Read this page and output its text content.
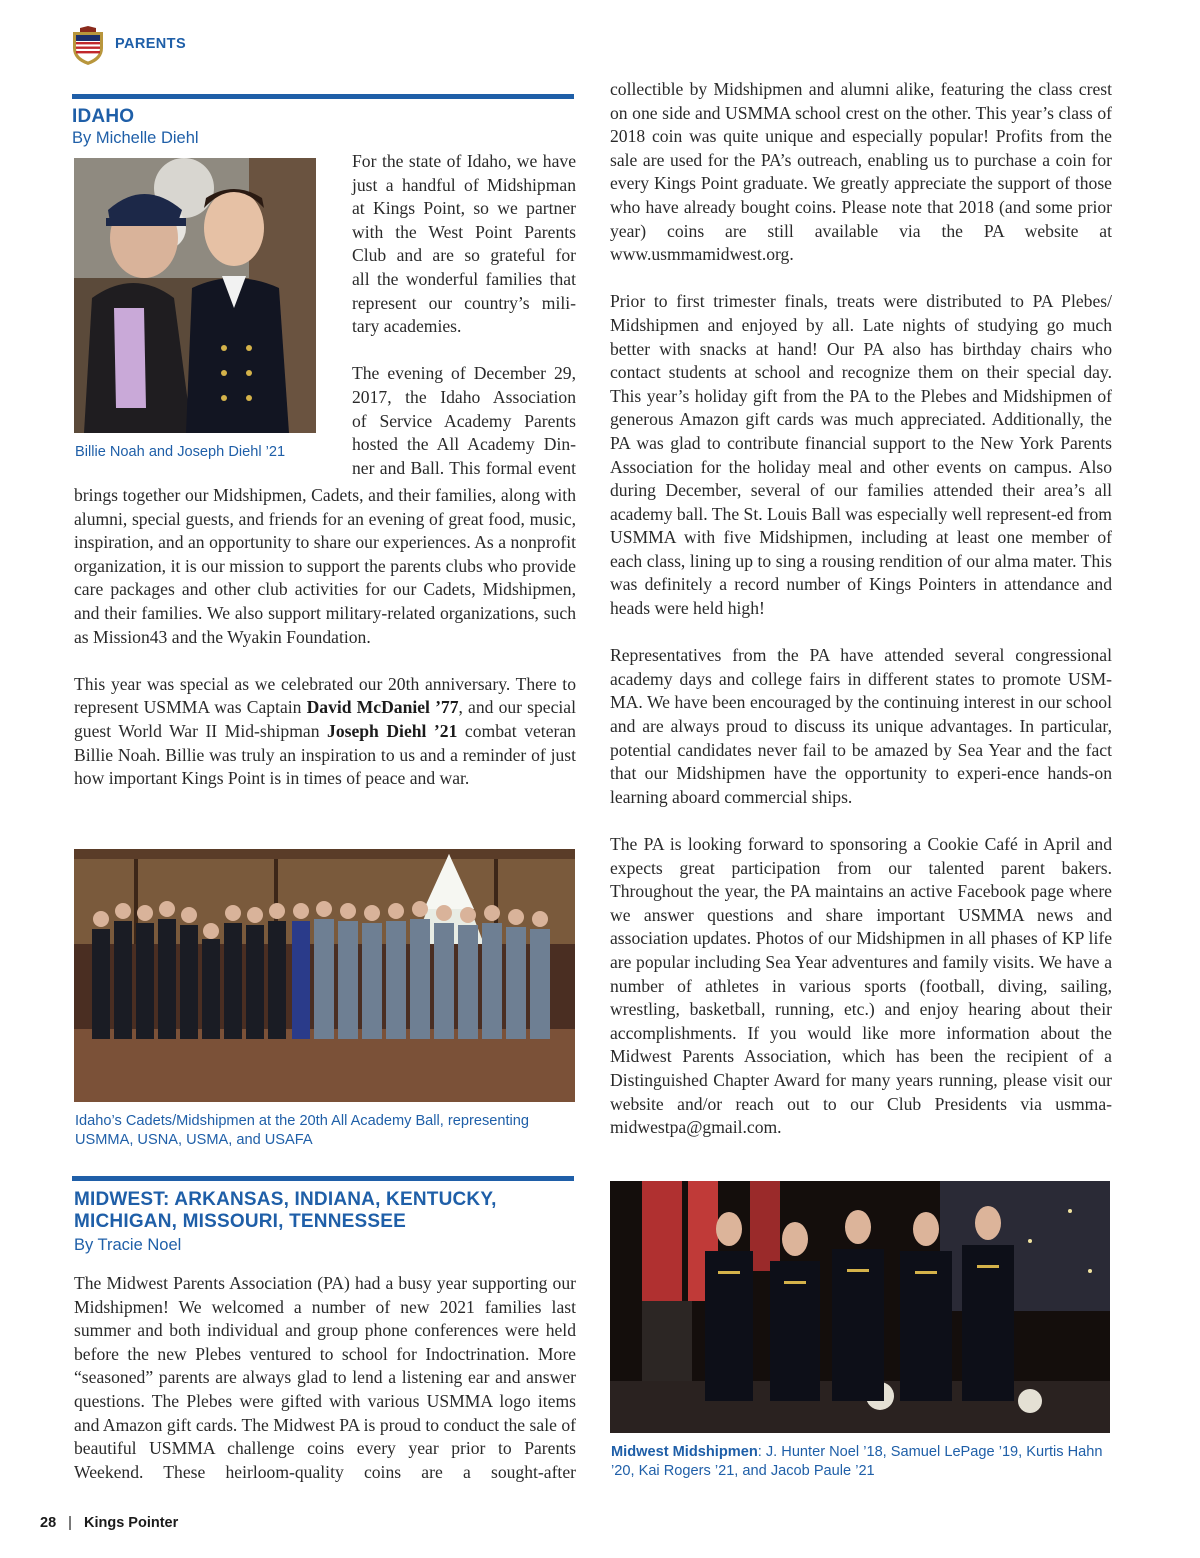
PARENTS
IDAHO
By Michelle Diehl
Billie Noah and Joseph Diehl ’21
For the state of Idaho, we have
just a handful of Midshipman
at Kings Point, so we partner
with the West Point Parents
Club and are so grateful for
all the wonderful families that
represent our country’s mili-
tary academies.
The evening of December 29,
2017, the Idaho Association
of Service Academy Parents
hosted the All Academy Din-
ner and Ball. This formal event

brings together our Midshipmen, Cadets, and their families, along with alumni, special guests, and friends for an evening of great food, music, inspiration, and an opportunity to share our experiences. As a nonprofit organization, it is our mission to support the parents clubs who provide care packages and other club activities for our Cadets, Midshipmen, and their families. We also support military-related organizations, such as Mission43 and the Wyakin Foundation.

This year was special as we celebrated our 20th anniversary. There to represent USMMA was Captain David McDaniel ’77, and our special guest World War II Mid-shipman Joseph Diehl ’21 combat veteran Billie Noah. Billie was truly an inspiration to us and a reminder of just how important Kings Point is in times of peace and war.

Idaho’s Cadets/Midshipmen at the 20th All Academy Ball, representing USMMA, USNA, USMA, and USAFA
MIDWEST: ARKANSAS, INDIANA, KENTUCKY,
MICHIGAN, MISSOURI, TENNESSEE
By Tracie Noel

The Midwest Parents Association (PA) had a busy year supporting our Midshipmen! We welcomed a number of new 2021 families last summer and both individual and group phone conferences were held before the new Plebes ventured to school for Indoctrination. More “seasoned” parents are always glad to lend a listening ear and answer questions. The Plebes were gifted with various USMMA logo items and Amazon gift cards. The Midwest PA is proud to conduct the sale of beautiful USMMA challenge coins every year prior to Parents Weekend. These heirloom-quality coins are a sought-after

collectible by Midshipmen and alumni alike, featuring the class crest on one side and USMMA school crest on the other. This year’s class of 2018 coin was quite unique and especially popular! Profits from the sale are used for the PA’s outreach, enabling us to purchase a coin for every Kings Point graduate. We greatly appreciate the support of those who have already bought coins. Please note that 2018 (and some prior year) coins are still available via the PA website at www.usmmamidwest.org.

Prior to first trimester finals, treats were distributed to PA Plebes/ Midshipmen and enjoyed by all. Late nights of studying go much better with snacks at hand! Our PA also has birthday chairs who contact students at school and recognize them on their special day. This year’s holiday gift from the PA to the Plebes and Midshipmen of generous Amazon gift cards was much appreciated. Additionally, the PA was glad to contribute financial support to the New York Parents Association for the holiday meal and other events on campus. Also during December, several of our families attended their area’s all academy ball. The St. Louis Ball was especially well represent-ed from USMMA with five Midshipmen, including at least one member of each class, lining up to sing a rousing rendition of our alma mater. This was definitely a record number of Kings Pointers in attendance and heads were held high!

Representatives from the PA have attended several congressional academy days and college fairs in different states to promote USM-MA. We have been encouraged by the continuing interest in our school and are always proud to discuss its unique advantages. In particular, potential candidates never fail to be amazed by Sea Year and the fact that our Midshipmen have the opportunity to experi-ence hands-on learning aboard commercial ships.

The PA is looking forward to sponsoring a Cookie Café in April and expects great participation from our talented parent bakers. Throughout the year, the PA maintains an active Facebook page where we answer questions and share important USMMA news and association updates. Photos of our Midshipmen in all phases of KP life are popular including Sea Year adventures and family visits. We have a number of athletes in various sports (football, diving, sailing, wrestling, basketball, running, etc.) and enjoy hearing about their accomplishments. If you would like more information about the Midwest Parents Association, which has been the recipient of a Distinguished Chapter Award for many years running, please visit our website and/or reach out to our Club Presidents via usmma-midwestpa@gmail.com.

Midwest Midshipmen: J. Hunter Noel ’18, Samuel LePage ’19, Kurtis Hahn ’20, Kai Rogers ’21, and Jacob Paule ’21
28 | Kings Pointer
